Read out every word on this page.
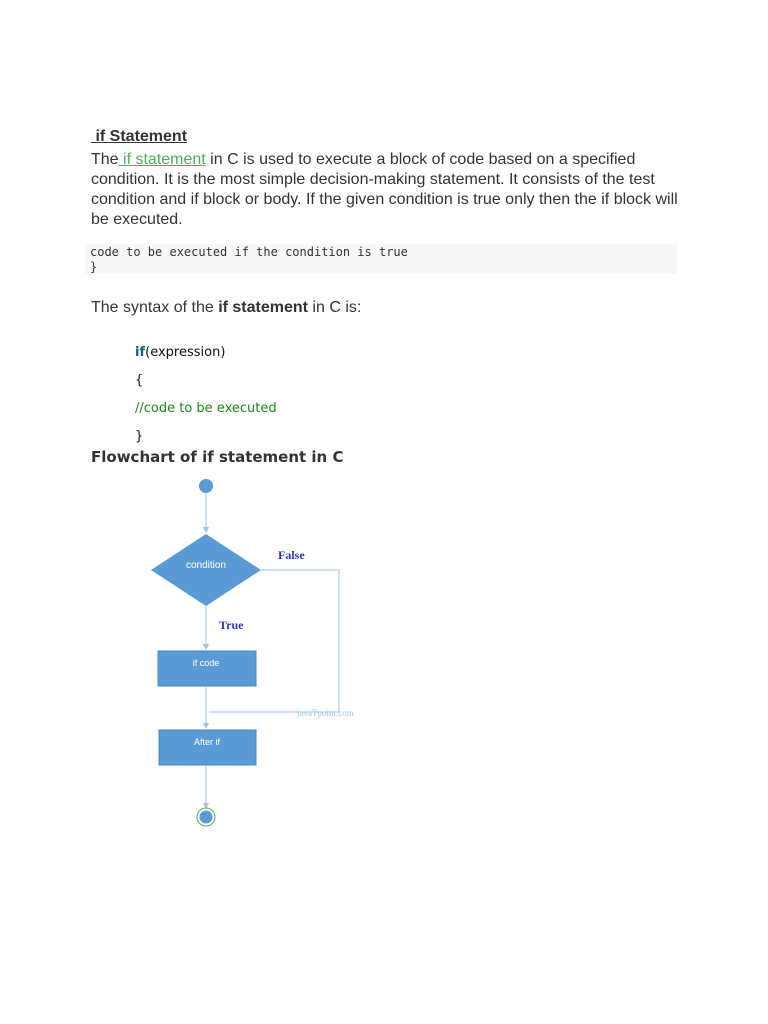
if Statement
The if statement in C is used to execute a block of code based on a specified condition. It is the most simple decision-making statement. It consists of the test condition and if block or body. If the given condition is true only then the if block will be executed.
code to be executed if the condition is true
}
The syntax of the if statement in C is:
if(expression)
{
//code to be executed
}
Flowchart of if statement in C
condition
False
True
if code
javaTpoint.com
After if
